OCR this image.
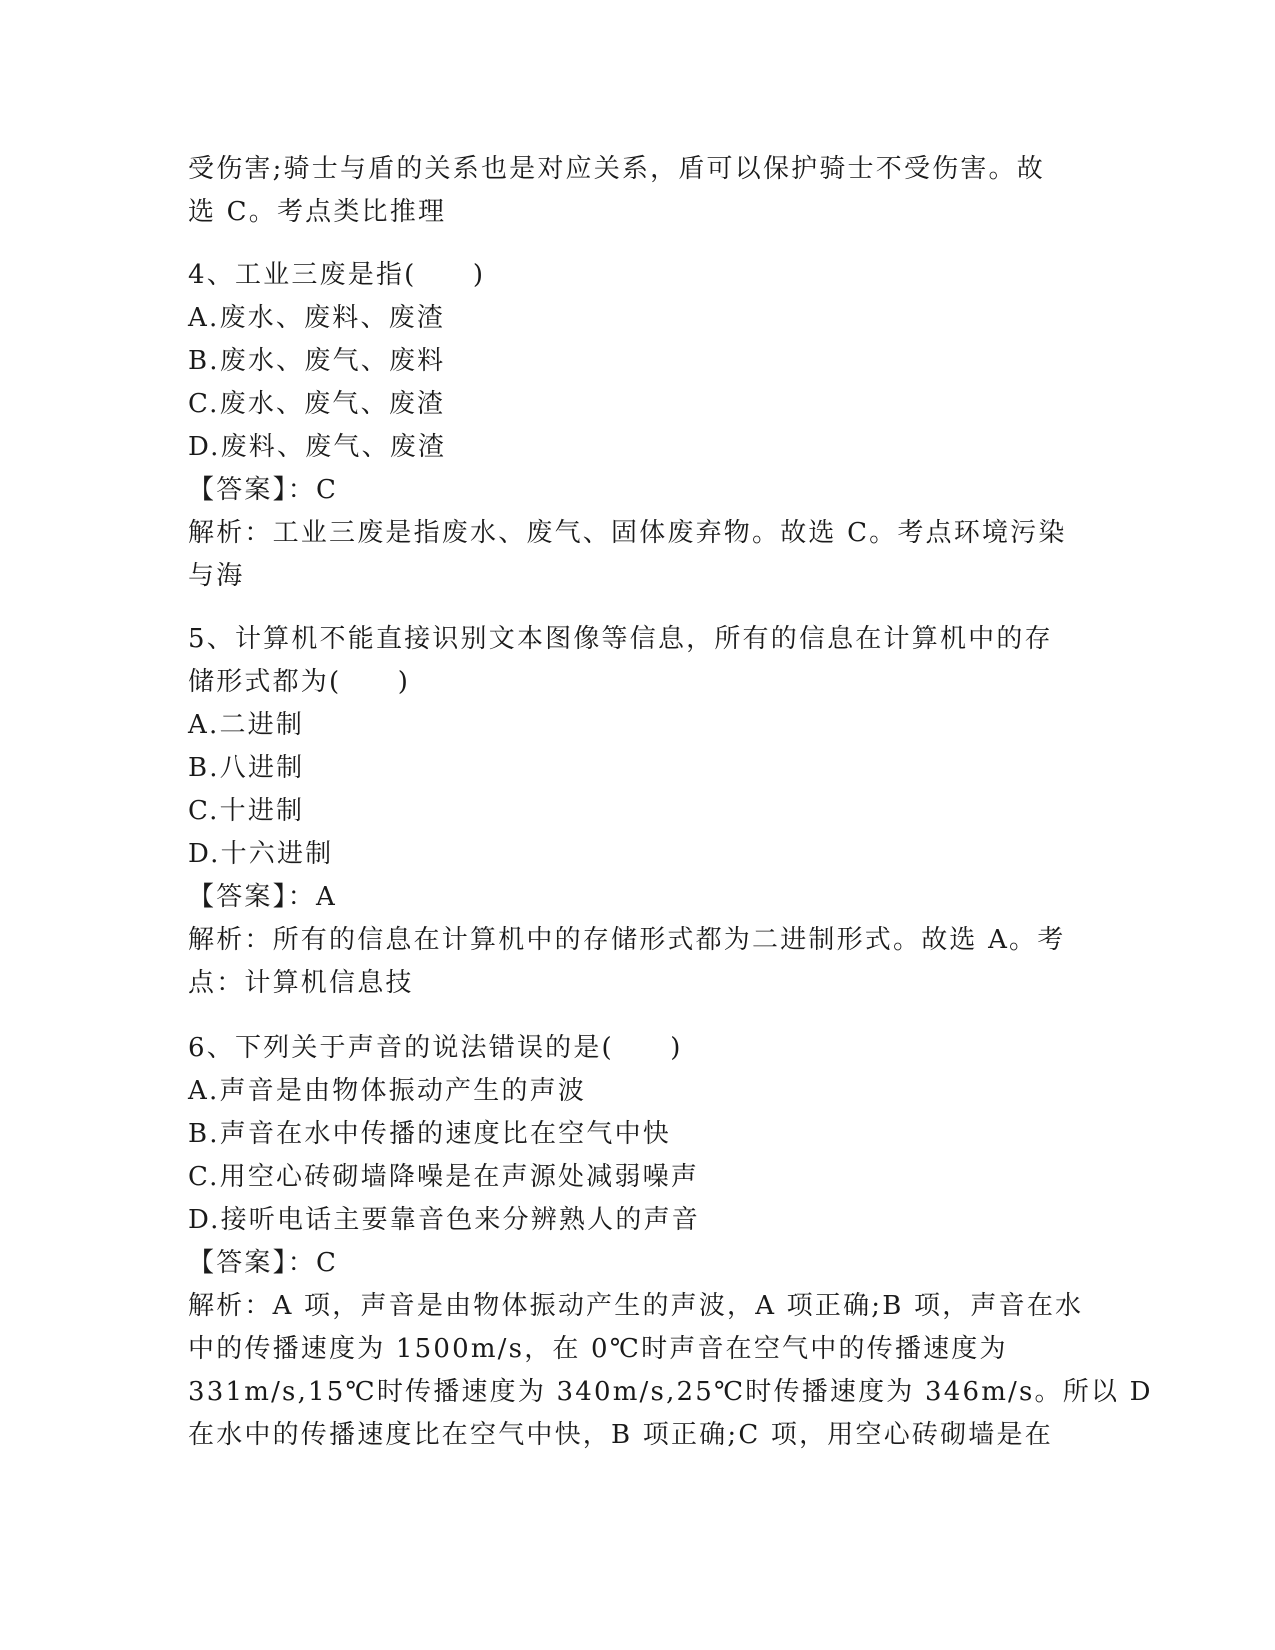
受伤害;骑士与盾的关系也是对应关系，盾可以保护骑士不受伤害。故
选 C。考点类比推理
4、工业三废是指(　　)
A.废水、废料、废渣
B.废水、废气、废料
C.废水、废气、废渣
D.废料、废气、废渣
【答案】：C
解析：工业三废是指废水、废气、固体废弃物。故选 C。考点环境污染
与海
5、计算机不能直接识别文本图像等信息，所有的信息在计算机中的存
储形式都为(　　)
A.二进制
B.八进制
C.十进制
D.十六进制
【答案】：A
解析：所有的信息在计算机中的存储形式都为二进制形式。故选 A。考
点：计算机信息技
6、下列关于声音的说法错误的是(　　)
A.声音是由物体振动产生的声波
B.声音在水中传播的速度比在空气中快
C.用空心砖砌墙降噪是在声源处减弱噪声
D.接听电话主要靠音色来分辨熟人的声音
【答案】：C
解析：A 项，声音是由物体振动产生的声波，A 项正确;B 项，声音在水
中的传播速度为 1500m/s，在 0℃时声音在空气中的传播速度为
331m/s,15℃时传播速度为 340m/s,25℃时传播速度为 346m/s。所以 D
在水中的传播速度比在空气中快，B 项正确;C 项，用空心砖砌墙是在
